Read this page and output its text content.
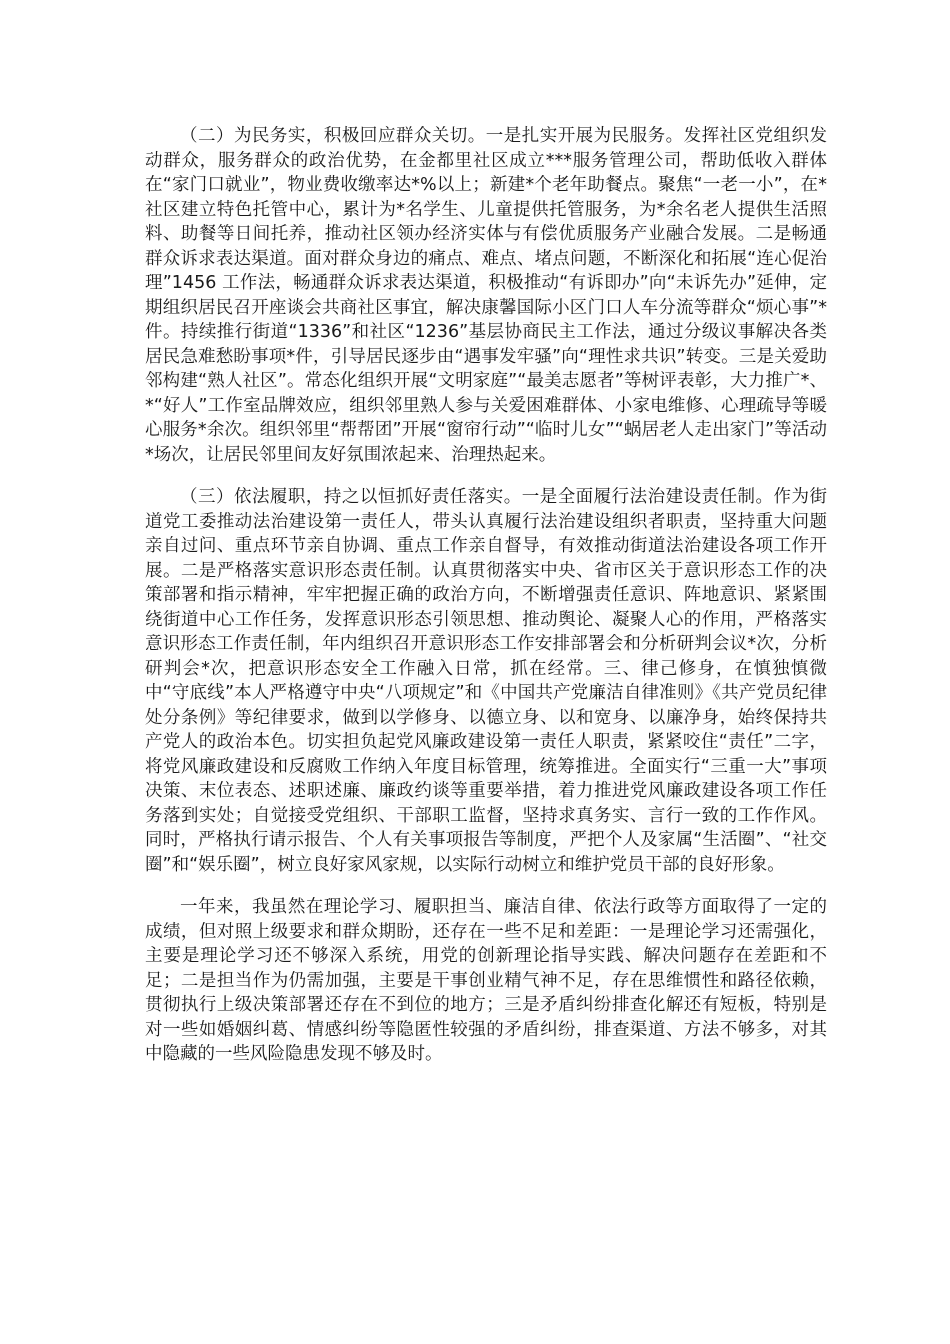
（二）为民务实，积极回应群众关切。一是扎实开展为民服务。发挥社区党组织发动群众，服务群众的政治优势，在金都里社区成立***服务管理公司，帮助低收入群体在“家门口就业”，物业费收缴率达*%以上；新建*个老年助餐点。聚焦“一老一小”，在*社区建立特色托管中心，累计为*名学生、儿童提供托管服务，为*余名老人提供生活照料、助餐等日间托养，推动社区领办经济实体与有偿优质服务产业融合发展。二是畅通群众诉求表达渠道。面对群众身边的痛点、难点、堵点问题，不断深化和拓展“连心促治理”1456 工作法，畅通群众诉求表达渠道，积极推动“有诉即办”向“未诉先办”延伸，定期组织居民召开座谈会共商社区事宜，解决康馨国际小区门口人车分流等群众“烦心事”*件。持续推行街道“1336”和社区“1236”基层协商民主工作法，通过分级议事解决各类居民急难愁盼事项*件，引导居民逐步由“遇事发牢骚”向“理性求共识”转变。三是关爱助邻构建“熟人社区”。常态化组织开展“文明家庭”“最美志愿者”等树评表彰，大力推广*、*“好人”工作室品牌效应，组织邻里熟人参与关爱困难群体、小家电维修、心理疏导等暖心服务*余次。组织邻里“帮帮团”开展“窗帘行动”“临时儿女”“蜗居老人走出家门”等活动*场次，让居民邻里间友好氛围浓起来、治理热起来。

（三）依法履职，持之以恒抓好责任落实。一是全面履行法治建设责任制。作为街道党工委推动法治建设第一责任人，带头认真履行法治建设组织者职责，坚持重大问题亲自过问、重点环节亲自协调、重点工作亲自督导，有效推动街道法治建设各项工作开展。二是严格落实意识形态责任制。认真贯彻落实中央、省市区关于意识形态工作的决策部署和指示精神，牢牢把握正确的政治方向，不断增强责任意识、阵地意识、紧紧围绕街道中心工作任务，发挥意识形态引领思想、推动舆论、凝聚人心的作用，严格落实意识形态工作责任制，年内组织召开意识形态工作安排部署会和分析研判会议*次，分析研判会*次，把意识形态安全工作融入日常，抓在经常。三、律己修身，在慎独慎微中“守底线”本人严格遵守中央“八项规定”和《中国共产党廉洁自律准则》《共产党员纪律处分条例》等纪律要求，做到以学修身、以德立身、以和宽身、以廉净身，始终保持共产党人的政治本色。切实担负起党风廉政建设第一责任人职责，紧紧咬住“责任”二字，将党风廉政建设和反腐败工作纳入年度目标管理，统筹推进。全面实行“三重一大”事项决策、末位表态、述职述廉、廉政约谈等重要举措，着力推进党风廉政建设各项工作任务落到实处；自觉接受党组织、干部职工监督，坚持求真务实、言行一致的工作作风。同时，严格执行请示报告、个人有关事项报告等制度，严把个人及家属“生活圈”、“社交圈”和“娱乐圈”，树立良好家风家规，以实际行动树立和维护党员干部的良好形象。

一年来，我虽然在理论学习、履职担当、廉洁自律、依法行政等方面取得了一定的成绩，但对照上级要求和群众期盼，还存在一些不足和差距：一是理论学习还需强化，主要是理论学习还不够深入系统，用党的创新理论指导实践、解决问题存在差距和不足；二是担当作为仍需加强，主要是干事创业精气神不足，存在思维惯性和路径依赖，贯彻执行上级决策部署还存在不到位的地方；三是矛盾纠纷排查化解还有短板，特别是对一些如婚姻纠葛、情感纠纷等隐匿性较强的矛盾纠纷，排查渠道、方法不够多，对其中隐藏的一些风险隐患发现不够及时。
